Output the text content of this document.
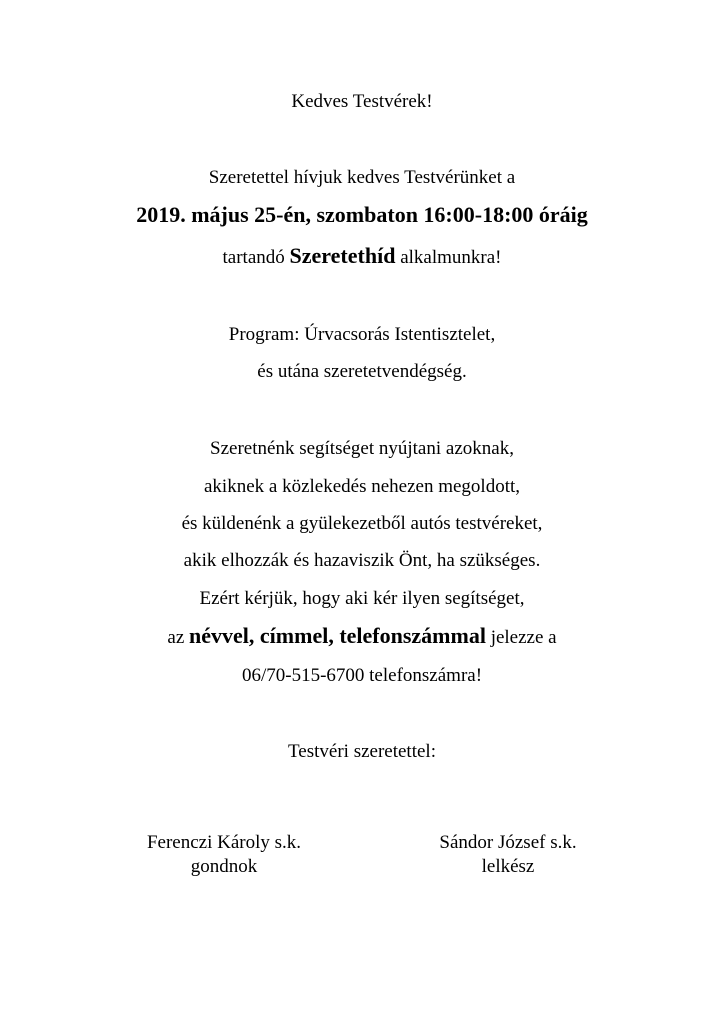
Kedves Testvérek!
Szeretettel hívjuk kedves Testvérünket a
2019. május 25-én, szombaton 16:00-18:00 óráig
tartandó Szeretethíd alkalmunkra!
Program: Úrvacsorás Istentisztelet,
és utána szeretetvendégség.
Szeretnénk segítséget nyújtani azoknak,
akiknek a közlekedés nehezen megoldott,
és küldenénk a gyülekezetből autós testvéreket,
akik elhozzák és hazaviszik Önt, ha szükséges.
Ezért kérjük, hogy aki kér ilyen segítséget,
az névvel, címmel, telefonszámmal jelezze a
06/70-515-6700 telefonszámra!
Testvéri szeretettel:
Ferenczi Károly s.k.
gondnok
Sándor József s.k.
lelkész
